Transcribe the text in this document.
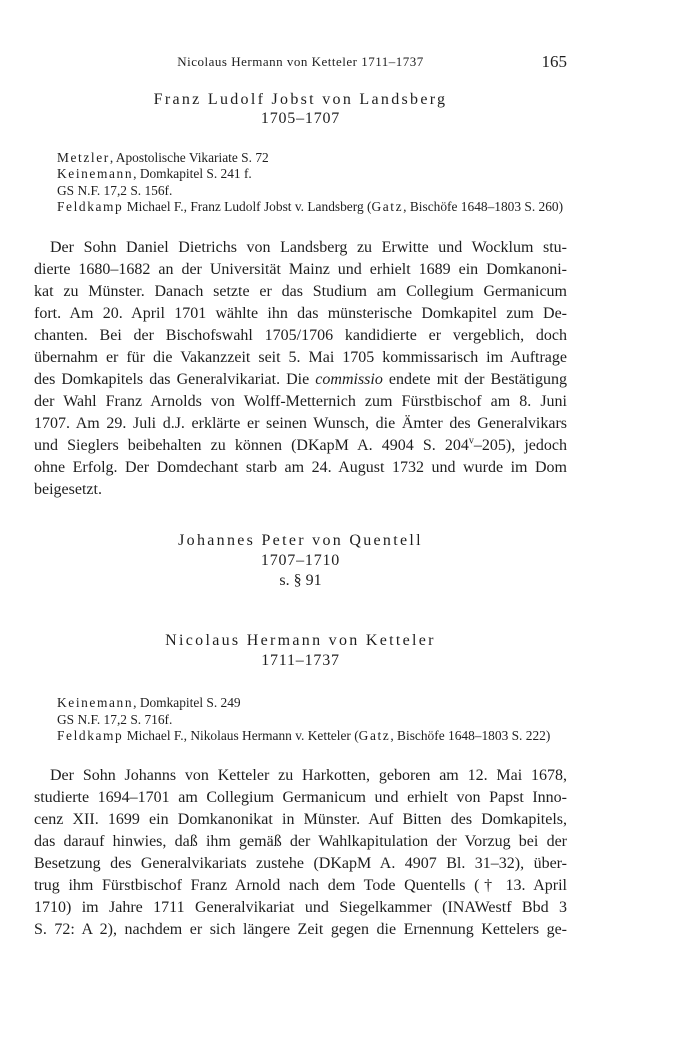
Nicolaus Hermann von Ketteler 1711–1737	165
Franz Ludolf Jobst von Landsberg
1705–1707
Metzler, Apostolische Vikariate S. 72
Keinemann, Domkapitel S. 241 f.
GS N.F. 17,2 S. 156f.
Feldkamp Michael F., Franz Ludolf Jobst v. Landsberg (Gatz, Bischöfe 1648–1803 S. 260)
Der Sohn Daniel Dietrichs von Landsberg zu Erwitte und Wocklum stu-
dierte 1680–1682 an der Universität Mainz und erhielt 1689 ein Domkanoni-
kat zu Münster. Danach setzte er das Studium am Collegium Germanicum
fort. Am 20. April 1701 wählte ihn das münsterische Domkapitel zum De-
chanten. Bei der Bischofswahl 1705/1706 kandidierte er vergeblich, doch
übernahm er für die Vakanzzeit seit 5. Mai 1705 kommissarisch im Auftrage
des Domkapitels das Generalvikariat. Die commissio endete mit der Bestätigung
der Wahl Franz Arnolds von Wolff-Metternich zum Fürstbischof am 8. Juni
1707. Am 29. Juli d.J. erklärte er seinen Wunsch, die Ämter des Generalvikars
und Sieglers beibehalten zu können (DKapM A. 4904 S. 204$^v$–205), jedoch
ohne Erfolg. Der Domdechant starb am 24. August 1732 und wurde im Dom
beigesetzt.
Johannes Peter von Quentell
1707–1710
s. § 91
Nicolaus Hermann von Ketteler
1711–1737
Keinemann, Domkapitel S. 249
GS N.F. 17,2 S. 716f.
Feldkamp Michael F., Nikolaus Hermann v. Ketteler (Gatz, Bischöfe 1648–1803 S. 222)
Der Sohn Johanns von Ketteler zu Harkotten, geboren am 12. Mai 1678,
studierte 1694–1701 am Collegium Germanicum und erhielt von Papst Inno-
cenz XII. 1699 ein Domkanonikat in Münster. Auf Bitten des Domkapitels,
das darauf hinwies, daß ihm gemäß der Wahlkapitulation der Vorzug bei der
Besetzung des Generalvikariats zustehe (DKapM A. 4907 Bl. 31–32), über-
trug ihm Fürstbischof Franz Arnold nach dem Tode Quentells († 13. April
1710) im Jahre 1711 Generalvikariat und Siegelkammer (INAWestf Bbd 3
S. 72: A 2), nachdem er sich längere Zeit gegen die Ernennung Kettelers ge-
